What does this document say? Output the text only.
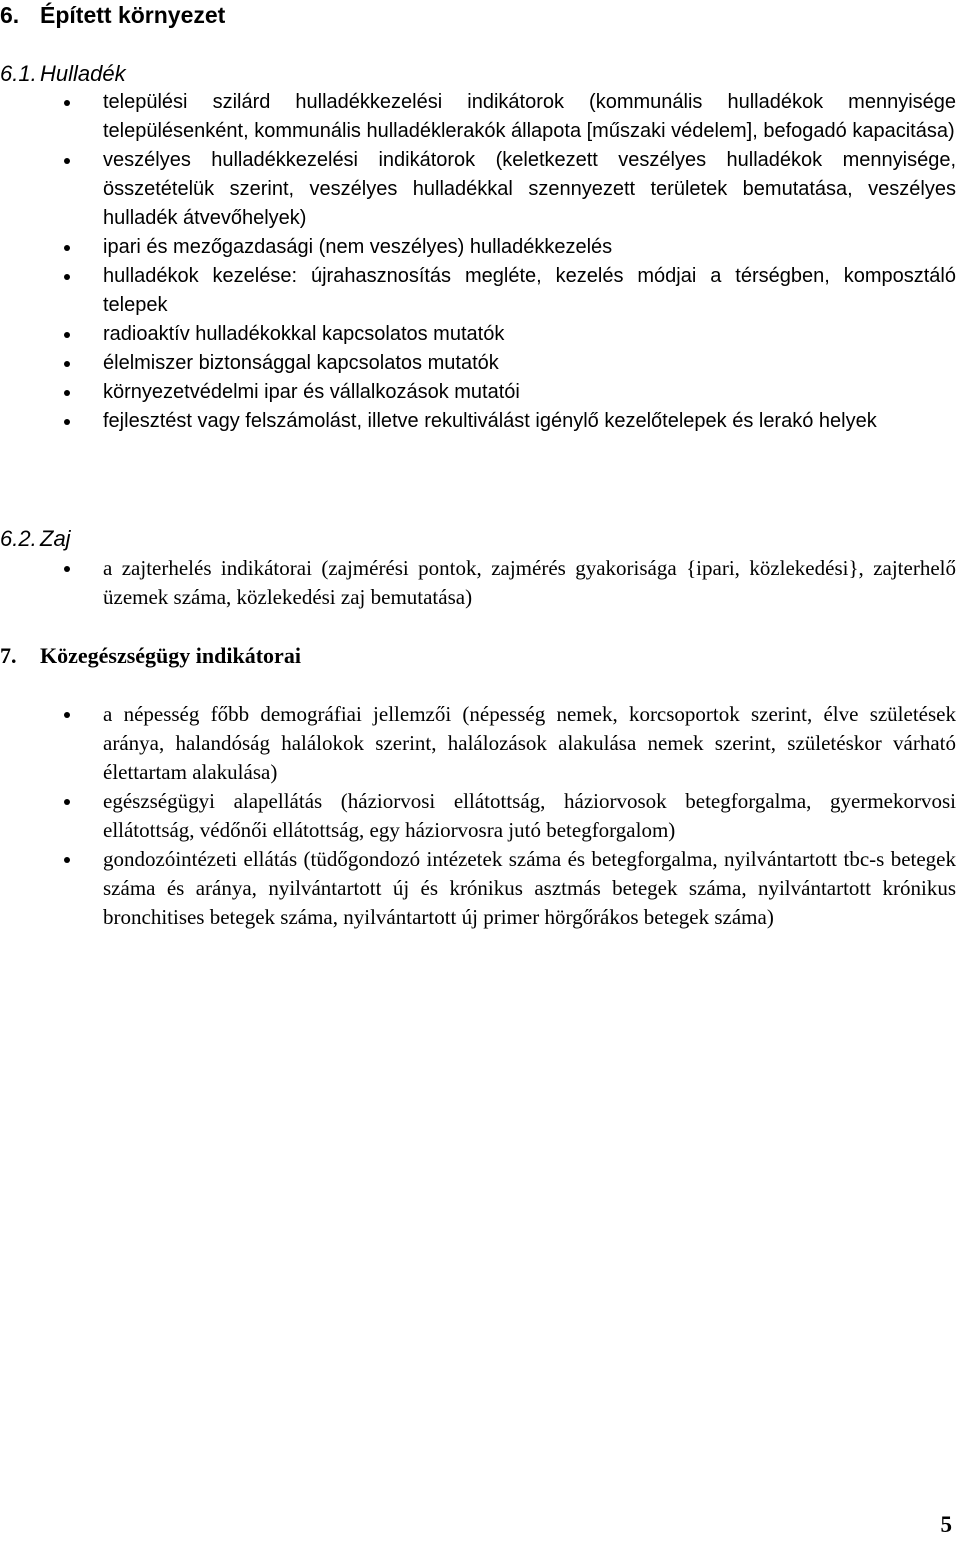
6. Épített környezet
6.1. Hulladék
települési szilárd hulladékkezelési indikátorok (kommunális hulladékok mennyisége településenként, kommunális hulladéklerakók állapota [műszaki védelem], befogadó kapacitása)
veszélyes hulladékkezelési indikátorok (keletkezett veszélyes hulladékok mennyisége, összetételük szerint, veszélyes hulladékkal szennyezett területek bemutatása, veszélyes hulladék átvevőhelyek)
ipari és mezőgazdasági (nem veszélyes) hulladékkezelés
hulladékok kezelése: újrahasznosítás megléte, kezelés módjai a térségben, komposztáló telepek
radioaktív hulladékokkal kapcsolatos mutatók
élelmiszer biztonsággal kapcsolatos mutatók
környezetvédelmi ipar és vállalkozások mutatói
fejlesztést vagy felszámolást, illetve rekultiválást igénylő kezelőtelepek és lerakó helyek
6.2. Zaj
a zajterhelés indikátorai (zajmérési pontok, zajmérés gyakorisága {ipari, közlekedési}, zajterhelő üzemek száma, közlekedési zaj bemutatása)
7. Közegészségügy indikátorai
a népesség főbb demográfiai jellemzői (népesség nemek, korcsoportok szerint, élve születések aránya, halandóság halálokok szerint, halálozások alakulása nemek szerint, születéskor várható élettartam alakulása)
egészségügyi alapellátás (háziorvosi ellátottság, háziorvosok betegforgalma, gyermekorvosi ellátottság, védőnői ellátottság, egy háziorvosra jutó betegforgalom)
gondozóintézeti ellátás (tüdőgondozó intézetek száma és betegforgalma, nyilvántartott tbc-s betegek száma és aránya, nyilvántartott új és krónikus asztmás betegek száma, nyilvántartott krónikus bronchitises betegek száma, nyilvántartott új primer hörgőrákos betegek száma)
5
